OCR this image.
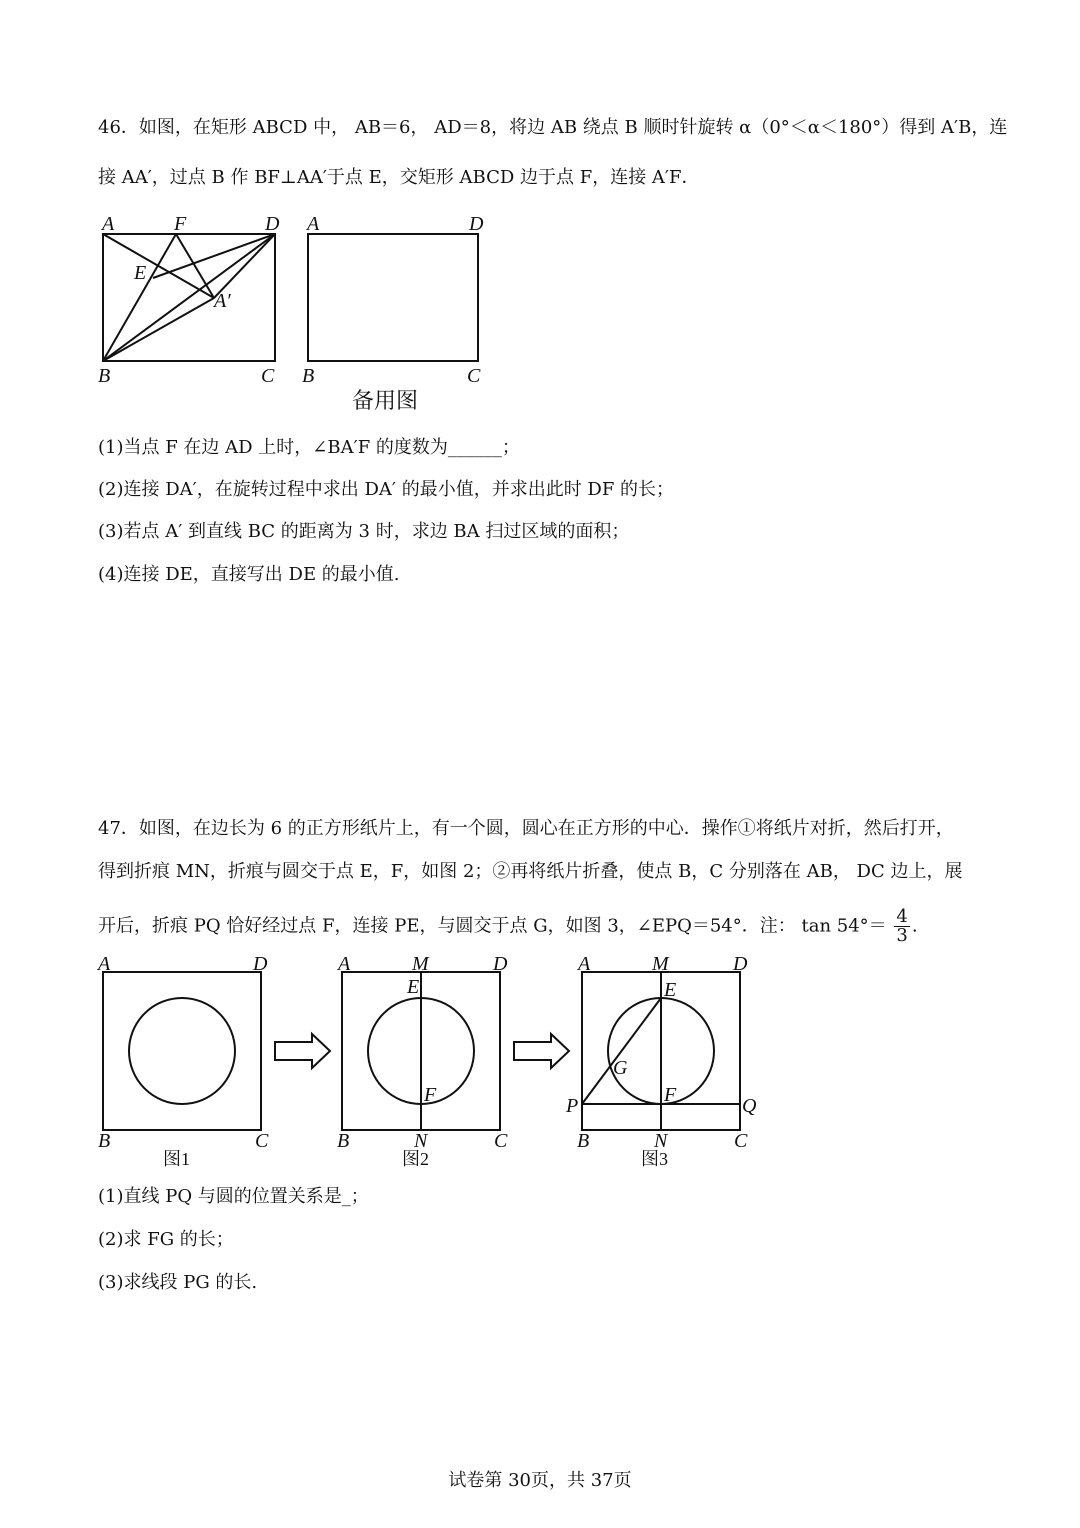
46．如图，在矩形 ABCD 中， AB＝6， AD＝8，将边 AB 绕点 B 顺时针旋转 α（0°＜α＜180°）得到 A′B，连
接 AA′，过点 B 作 BF⊥AA′于点 E，交矩形 ABCD 边于点 F，连接 A′F．
A	F	D
E
A′
B	C
A	D
B	C
备用图
(1)当点 F 在边 AD 上时，∠BA′F 的度数为______；
(2)连接 DA′，在旋转过程中求出 DA′ 的最小值，并求出此时 DF 的长；
(3)若点 A′ 到直线 BC 的距离为 3 时，求边 BA 扫过区域的面积；
(4)连接 DE，直接写出 DE 的最小值.
47．如图，在边长为 6 的正方形纸片上，有一个圆，圆心在正方形的中心．操作①将纸片对折，然后打开，
得到折痕 MN，折痕与圆交于点 E，F，如图 2；②再将纸片折叠，使点 B，C 分别落在 AB， DC 边上，展
开后，折痕 PQ 恰好经过点 F，连接 PE，与圆交于点 G，如图 3，∠EPQ＝54°．注： $\tan 54^\circ= \frac{4}{3}$ .
A	D
B	C
图1
A	M	D
E
F
B	N	C
图2
A	M	D
E
G
F
P	Q
B	N	C
图3
(1)直线 PQ 与圆的位置关系是_；
(2)求 FG 的长；
(3)求线段 PG 的长.
试卷第 30页，共 37页
